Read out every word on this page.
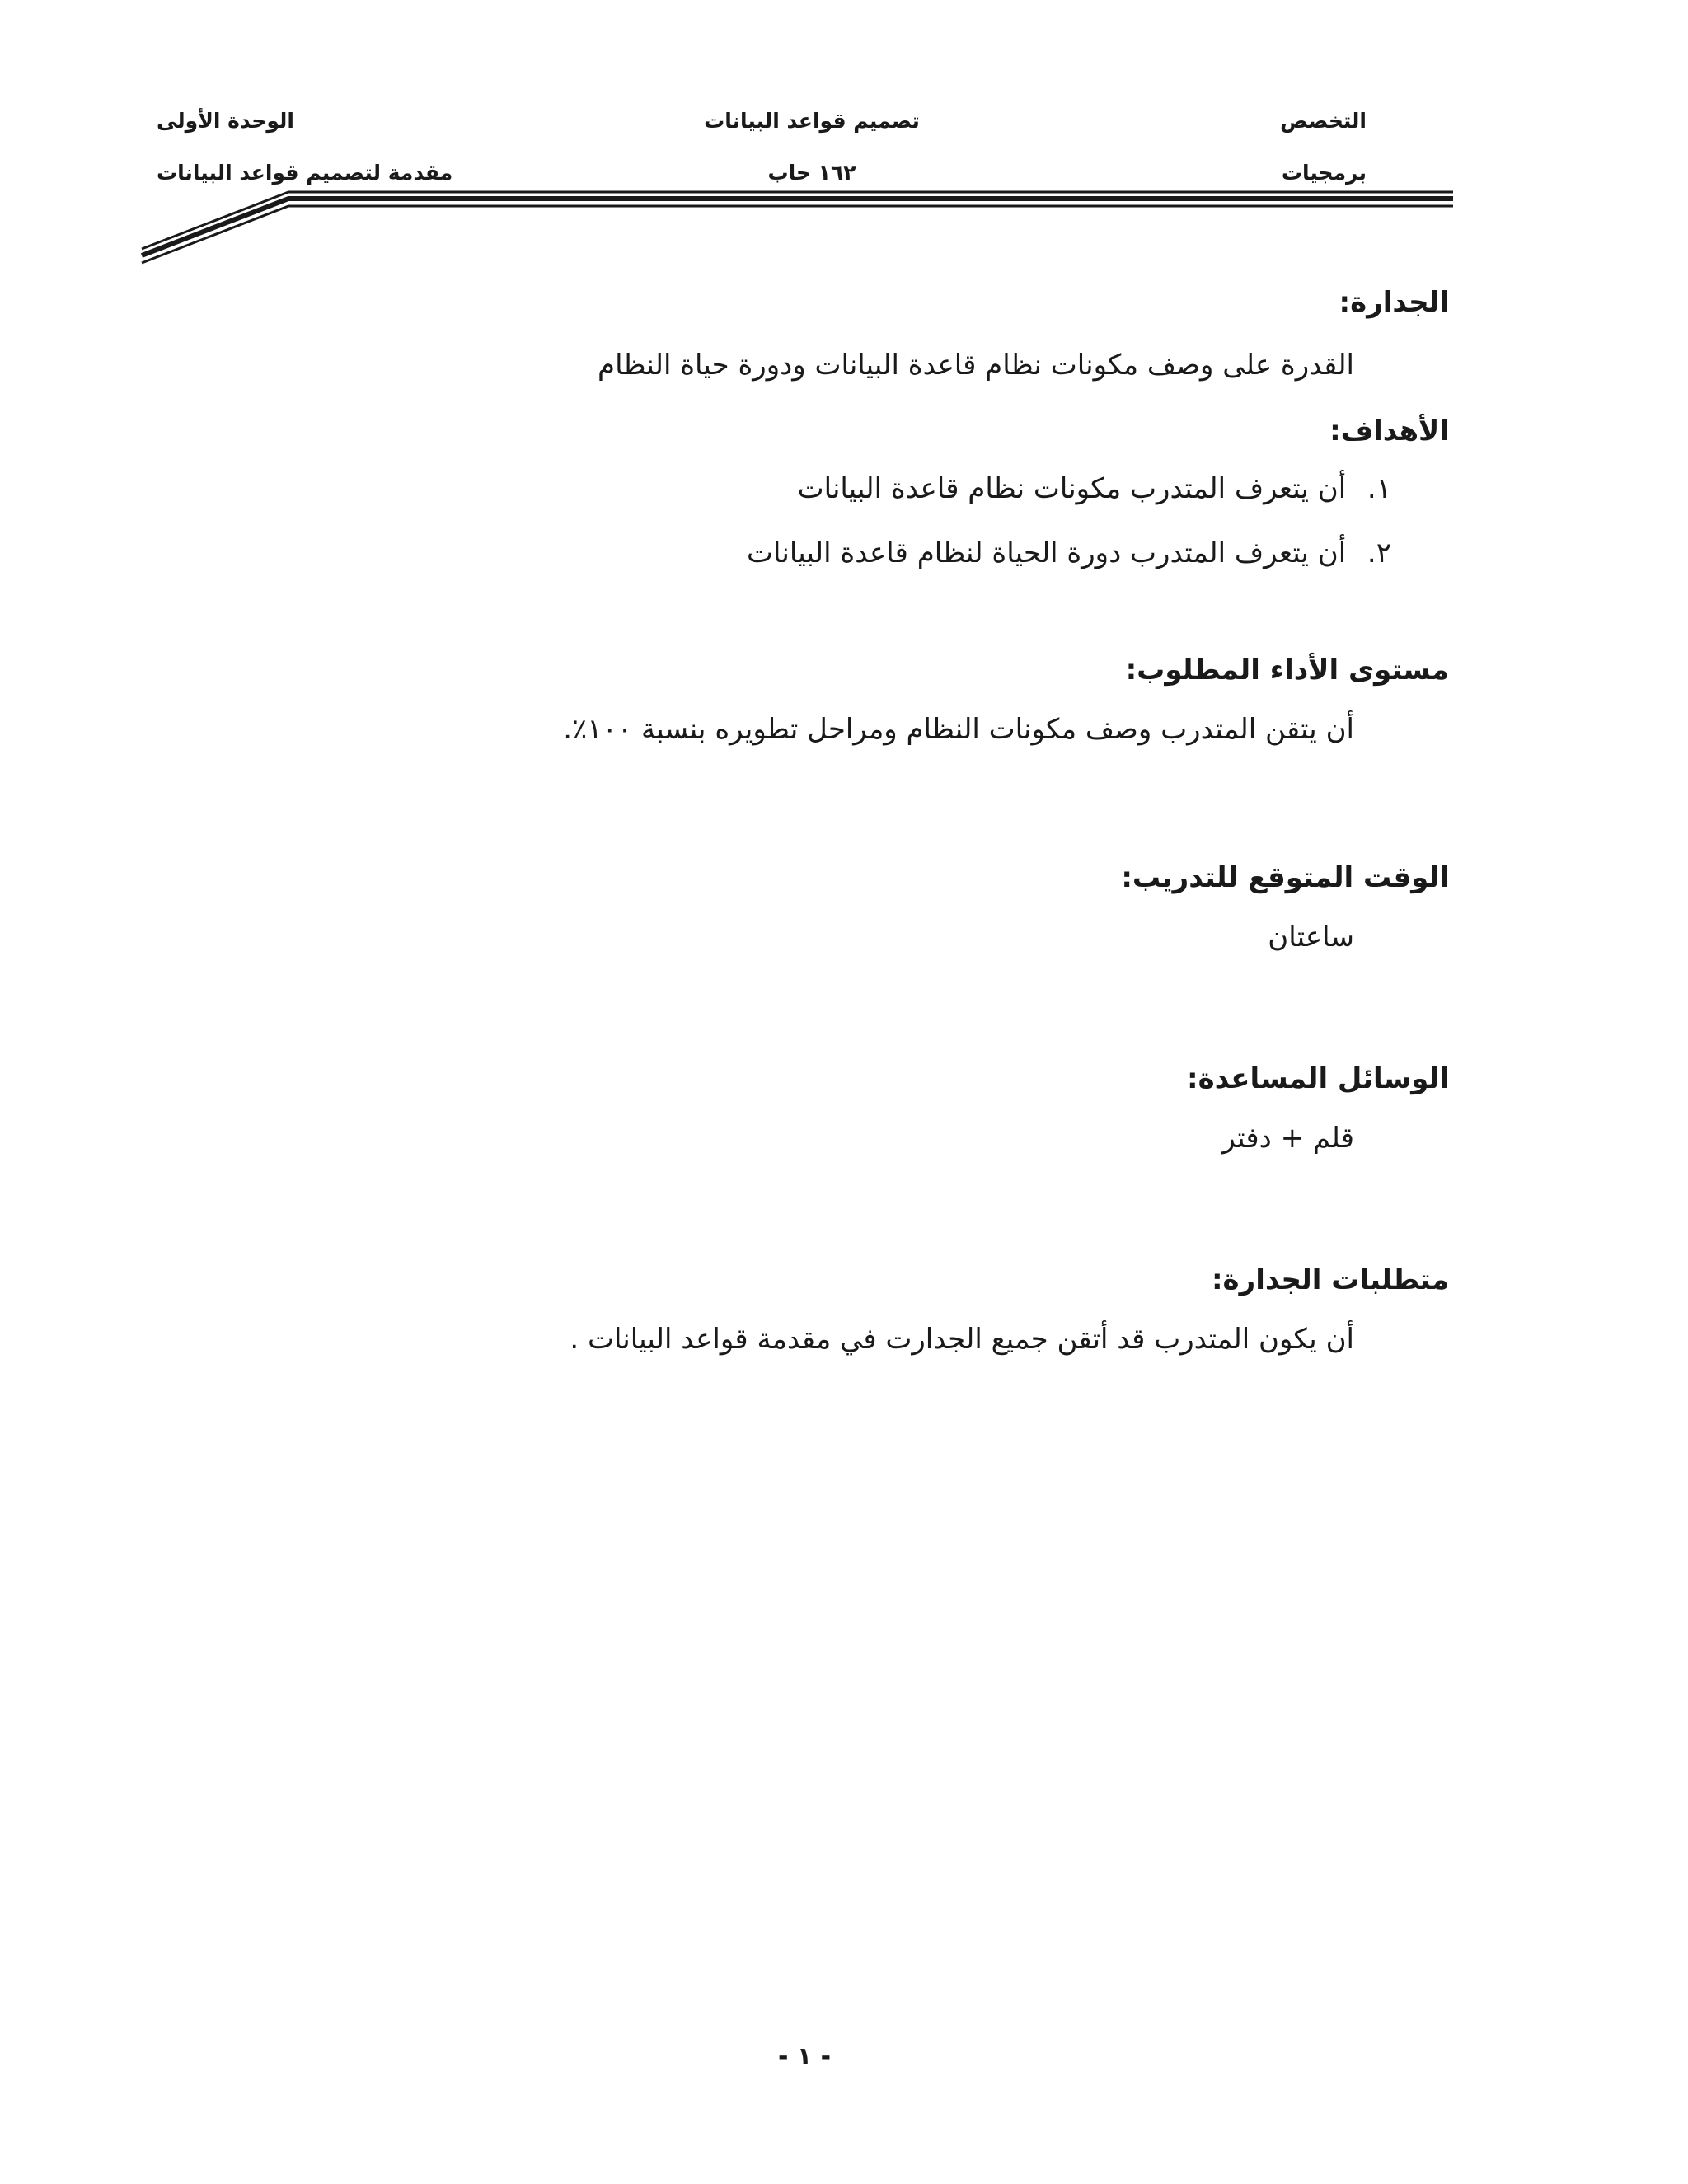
التخصص
تصميم قواعد البيانات
الوحدة الأولى
برمجيات
١٦٢ حاب
مقدمة لتصميم قواعد البيانات

الجدارة:

القدرة على وصف مكونات نظام قاعدة البيانات ودورة حياة النظام

الأهداف:

١. أن يتعرف المتدرب مكونات نظام قاعدة البيانات
٢. أن يتعرف المتدرب دورة الحياة لنظام قاعدة البيانات

مستوى الأداء المطلوب:

أن يتقن المتدرب وصف مكونات النظام ومراحل تطويره بنسبة ١٠٠٪.

الوقت المتوقع للتدريب:

ساعتان

الوسائل المساعدة:

قلم + دفتر

متطلبات الجدارة:

أن يكون المتدرب قد أتقن جميع الجدارت في مقدمة قواعد البيانات .

- ١ -
